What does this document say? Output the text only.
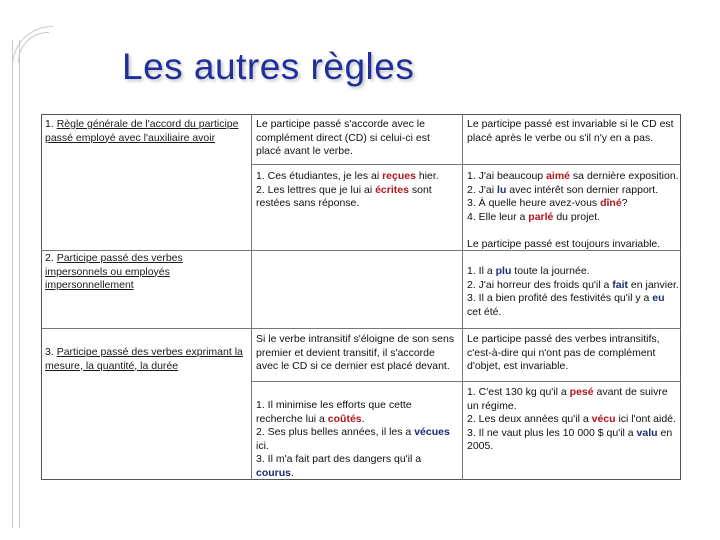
Les autres règles
1. Règle générale de l'accord du participe passé employé avec l'auxiliaire avoir
Le participe passé s'accorde avec le complément direct (CD) si celui-ci est placé avant le verbe.
Le participe passé est invariable si le CD est placé après le verbe ou s'il n'y en a pas.
1. Ces étudiantes, je les ai reçues hier.
2. Les lettres que je lui ai écrites sont restées sans réponse.
1. J'ai beaucoup aimé sa dernière exposition.
2. J'ai lu avec intérêt son dernier rapport.
3. À quelle heure avez-vous dîné?
4. Elle leur a parlé du projet.
Le participe passé est toujours invariable.
2. Participe passé des verbes impersonnels ou employés impersonnellement
1. Il a plu toute la journée.
2. J'ai horreur des froids qu'il a fait en janvier.
3. Il a bien profité des festivités qu'il y a eu cet été.
Si le verbe intransitif s'éloigne de son sens premier et devient transitif, il s'accorde avec le CD si ce dernier est placé devant.
Le participe passé des verbes intransitifs, c'est-à-dire qui n'ont pas de complément d'objet, est invariable.
3. Participe passé des verbes exprimant la mesure, la quantité, la durée
1. Il minimise les efforts que cette recherche lui a coûtés.
2. Ses plus belles années, il les a vécues ici.
3. Il m'a fait part des dangers qu'il a courus.
1. C'est 130 kg qu'il a pesé avant de suivre un régime.
2. Les deux années qu'il a vécu ici l'ont aidé.
3. Il ne vaut plus les 10 000 $ qu'il a valu en 2005.
